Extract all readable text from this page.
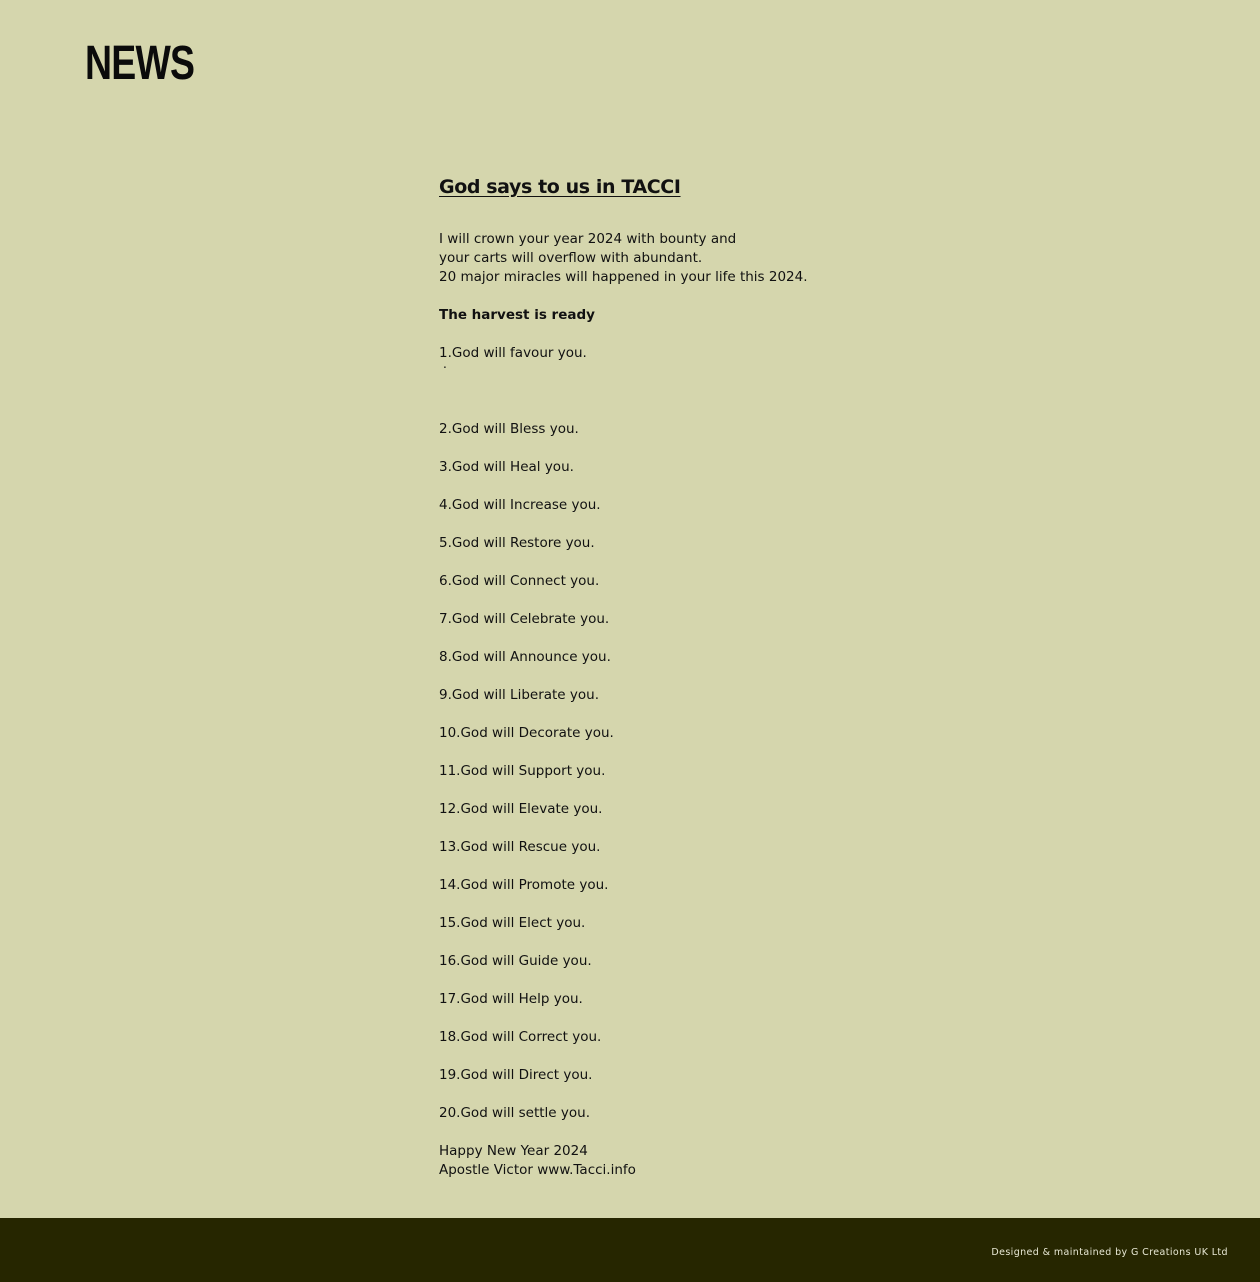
NEWS
God says to us in TACCI
I will crown your year 2024 with bounty and
your carts will overflow with abundant.
20 major miracles will happened in your life this 2024.
The harvest is ready
1.God will favour you.
.
2.God will Bless you.
3.God will Heal you.
4.God will Increase you.
5.God will Restore you.
6.God will Connect you.
7.God will Celebrate you.
8.God will Announce you.
9.God will Liberate you.
10.God will Decorate you.
11.God will Support you.
12.God will Elevate you.
13.God will Rescue you.
14.God will Promote you.
15.God will Elect you.
16.God will Guide you.
17.God will Help you.
18.God will Correct you.
19.God will Direct you.
20.God will settle you.
Happy New Year 2024
Apostle Victor www.Tacci.info
Designed & maintained by G Creations UK Ltd
